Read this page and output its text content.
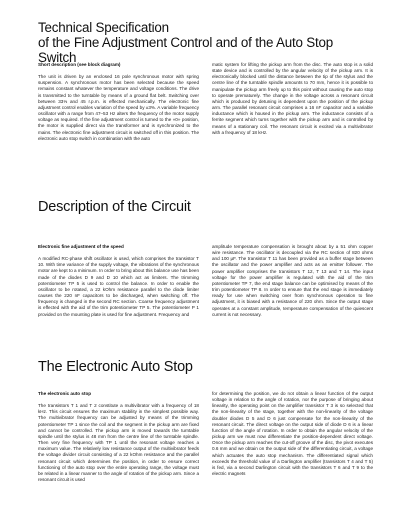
Technical Specification
of the Fine Adjustment Control and of the Auto Stop Switch
Short description (see block diagram)

The unit is driven by an enclosed 16 pole synchronous motor with spring suspension. A synchronous motor has been selected because the speed remains constant whatever the temperature and voltage conditions. The drive is transmitted to the turntable by means of a ground flat belt. Switching over between 33⅓ and 45 r.p.m. is effected mechanically. The electronic fine adjustment control enables variation of the speed by ±3%. A variable frequency oscillator with a range from 47–53 Hz alters the frequency of the motor supply voltage as required. If the fine adjustment control is turned to the «0» position, the motor is supplied direct via the transformer and is synchronized to the mains. The electronic fine adjustment circuit is switched off in this position. The electronic auto stop switch in combination with the auto

matic system for lifting the pickup arm from the disc. The auto stop is a solid state device and is controlled by the angular velocity of the pickup arm. It is electronically blocked until the distance between the tip of the stylus and the centre line of the turntable spindle amounts to 70 mm, hence it is possible to manipulate the pickup arm freely up to this point without causing the auto stop to operate prematurely. The change in the voltage across a resonant circuit which is produced by detuning is dependent upon the position of the pickup arm. The parallel resonant circuit comprises a 16 nF capacitor and a variable inductance which is housed in the pickup arm. The inductance consists of a ferrite segment which turns together with the pickup arm and is controlled by means of a stationary coil. The resonant circuit is excited via a multivibrator with a frequency of 18 kHz.

Description of the Circuit
Electronic fine adjustment of the speed

A modified RC-phase shift oscillator is used, which comprises the transistor T 10. With time variance of the supply voltage, the vibrations of the synchronous motor are kept to a minimum. In order to bring about this balance use has been made of the diodes D 9 and D 10 which act as limiters. The trimming potentiometer TP 5 is used to control the balance. In order to enable the oscillator to be rotated, a 22 kOhm resistance parallel to the diode limiter causes the 220 nF capacitors to be discharged, when switching off. The frequency is changed in the second RC section. Coarse frequency adjustment is effected with the aid of the trim potentiometer TP 5. The potentiometer P 1 provided on the mounting plate is used for fine adjustment. Frequency and

amplitude temperature compensation is brought about by a 51 ohm copper wire resistance. The oscillator is decoupled via the RC section of 820 ohms and 100 μF. The transistor T 11 has been provided as a buffer stage between the oscillator and the power amplifier and acts as an emitter follower. The power amplifier comprises the transistors T 12, T 13 and T 14. The input voltage for the power amplifier is regulated with the aid of the trim potentiometer TP 7, the end stage balance can be optimised by means of the trim potentiometer TP 8. In order to ensure that the end stage is immediately ready for use when switching over from synchronous operation to fine adjustment, it is biased with a resistance of 220 ohm. Since the output stage operates at a constant amplitude, temperature compensation of the quiescent current is not necessary.

The Electronic Auto Stop
The electronic auto stop

The transistors T 1 and T 2 constitute a multivibrator with a frequency of 18 kHz. This circuit ensures the maximum stability in the simplest possible way. The multivibrator frequency can be adjusted by means of the trimming potentiometer TP 1 since the coil and the segment in the pickup arm are fixed and cannot be controlled. The pickup arm is moved towards the turntable spindle until the stylus is 48 mm from the centre line of the turntable spindle. Then very fine frequency with TP 1 until the resonant voltage reaches a maximum value. The relatively low resistance output of the multivibrator feeds the voltage divider circuit consisting of a 22 kOhm resistance and the parallel resonant circuit which determines the position, in order to ensure correct functioning of the auto stop over the entire operating range, the voltage must be related in a linear manner to the angle of rotation of the pickup arm. Since a resonant circuit is used

for determining the position, we do not obtain a linear function of the output voltage in relation to the angle of rotation, nor the purpose of bringing about linearity, the operating point on the amplifier transistor T 3 is so selected that the non-linearity of the stage, together with the non-linearity of the voltage doubler diodes D 5 and D 6 just compensate for the non-linearity of the resonant circuit. The direct voltage on the output side of diode D 6 is a linear function of the angle of rotation. In order to obtain the angular velocity of the pickup arm we must now differentiate the position-dependent direct voltage. Once the pickup arm reaches the cut-off groove of the disc, the pivot executes 0.6 mm and we obtain on the output side of the differentiating circuit, a voltage which actuates the auto stop mechanism. The differentiated signal which exceeds the threshold value of a Darlington amplifier (transistors T 4 and T 5) is fed, via a second Darlington circuit with the transistors T 6 and T 9 to the electric magnets
